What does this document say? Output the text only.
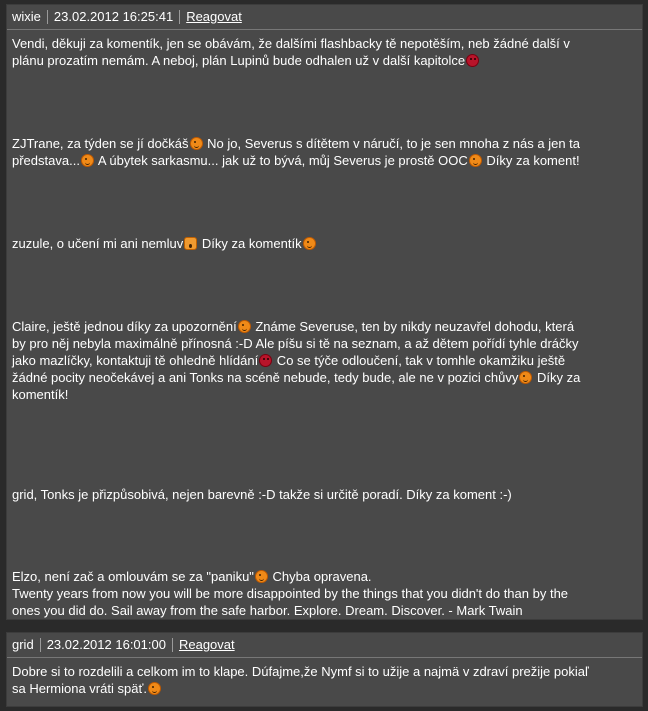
wixie 23.02.2012 16:25:41 Reagovat
Vendi, děkuji za komentík, jen se obávám, že dalšími flashbacky tě nepotěším, neb žádné další v
plánu prozatím nemám. A neboj, plán Lupinů bude odhalen už v další kapitolce
ZJTrane, za týden se jí dočkáš No jo, Severus s dítětem v náručí, to je sen mnoha z nás a jen ta
představa... A úbytek sarkasmu... jak už to bývá, můj Severus je prostě OOC Díky za koment!
zuzule, o učení mi ani nemluv Díky za komentík
Claire, ještě jednou díky za upozornění Známe Severuse, ten by nikdy neuzavřel dohodu, která
by pro něj nebyla maximálně přínosná :-D Ale píšu si tě na seznam, a až dětem pořídí tyhle dráčky
jako mazlíčky, kontaktuji tě ohledně hlídání Co se týče odloučení, tak v tomhle okamžiku ještě
žádné pocity neočekávej a ani Tonks na scéně nebude, tedy bude, ale ne v pozici chůvy Díky za
komentík!
grid, Tonks je přizpůsobivá, nejen barevně :-D takže si určitě poradí. Díky za koment :-)
Elzo, není zač a omlouvám se za "paniku" Chyba opravena.
Twenty years from now you will be more disappointed by the things that you didn't do than by the
ones you did do. Sail away from the safe harbor. Explore. Dream. Discover. - Mark Twain
grid 23.02.2012 16:01:00 Reagovat
Dobre si to rozdelili a celkom im to klape. Dúfajme,že Nymf si to užije a najmä v zdraví prežije pokiaľ
sa Hermiona vráti späť.
